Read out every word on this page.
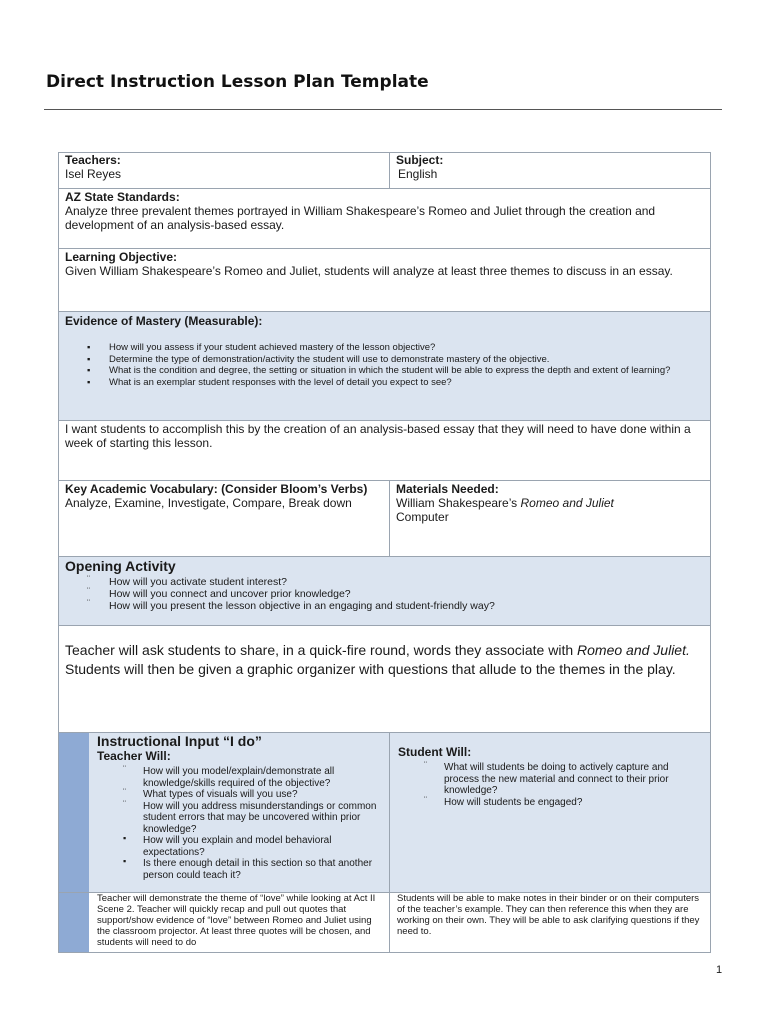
Direct Instruction Lesson Plan Template
Teachers:
Isel Reyes
Subject:
English
AZ State Standards:
Analyze three prevalent themes portrayed in William Shakespeare’s Romeo and Juliet through the creation and development of an analysis-based essay.
Learning Objective:
Given William Shakespeare’s Romeo and Juliet, students will analyze at least three themes to discuss in an essay.
Evidence of Mastery (Measurable):
▪ How will you assess if your student achieved mastery of the lesson objective?
▪ Determine the type of demonstration/activity the student will use to demonstrate mastery of the objective.
▪ What is the condition and degree, the setting or situation in which the student will be able to express the depth and extent of learning?
▪ What is an exemplar student responses with the level of detail you expect to see?
I want students to accomplish this by the creation of an analysis-based essay that they will need to have done within a week of starting this lesson.
Key Academic Vocabulary: (Consider Bloom’s Verbs)
Analyze, Examine, Investigate, Compare, Break down
Materials Needed:
William Shakespeare’s Romeo and Juliet
Computer
Opening Activity
¨ How will you activate student interest?
¨ How will you connect and uncover prior knowledge?
¨ How will you present the lesson objective in an engaging and student-friendly way?
Teacher will ask students to share, in a quick-fire round, words they associate with Romeo and Juliet. Students will then be given a graphic organizer with questions that allude to the themes in the play.
Instructional Input “I do”
Teacher Will:
¨ How will you model/explain/demonstrate all knowledge/skills required of the objective?
¨ What types of visuals will you use?
¨ How will you address misunderstandings or common student errors that may be uncovered within prior knowledge?
▪ How will you explain and model behavioral expectations?
▪ Is there enough detail in this section so that another person could teach it?
Student Will:
¨ What will students be doing to actively capture and process the new material and connect to their prior knowledge?
¨ How will students be engaged?
Teacher will demonstrate the theme of “love” while looking at Act II Scene 2. Teacher will quickly recap and pull out quotes that support/show evidence of “love” between Romeo and Juliet using the classroom projector. At least three quotes will be chosen, and students will need to do
Students will be able to make notes in their binder or on their computers of the teacher’s example. They can then reference this when they are working on their own. They will be able to ask clarifying questions if they need to.
1
